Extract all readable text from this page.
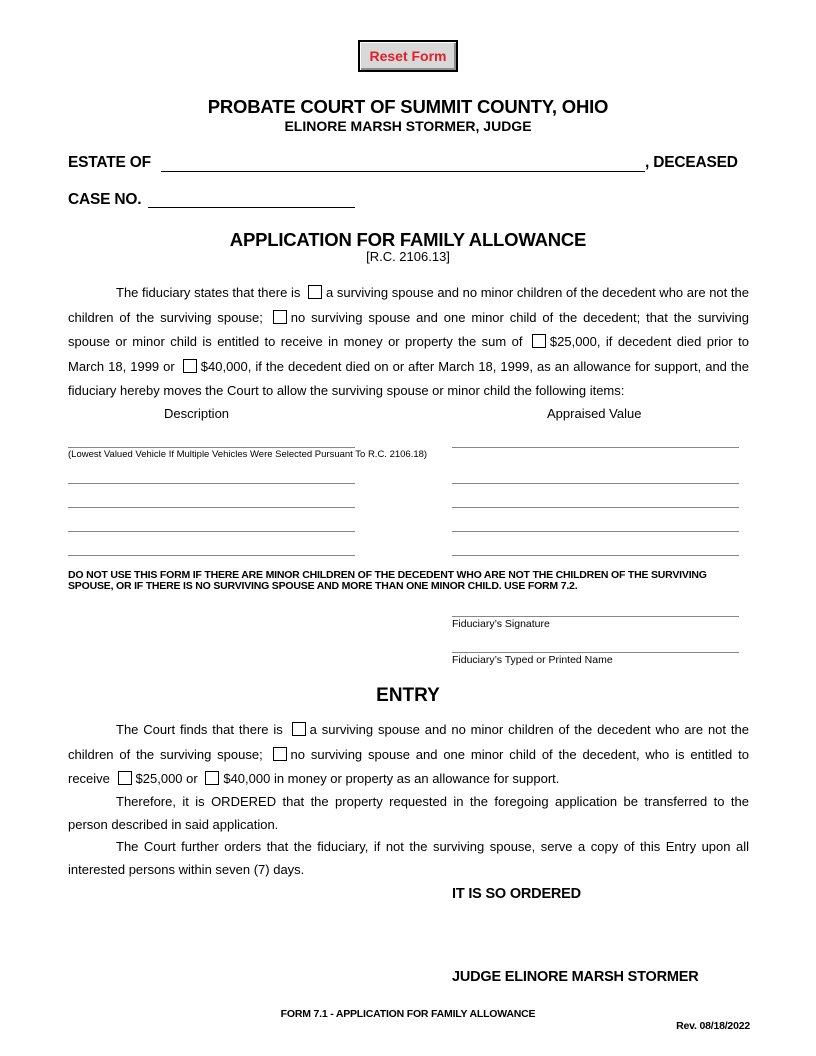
Reset Form
PROBATE COURT OF SUMMIT COUNTY, OHIO
ELINORE MARSH STORMER, JUDGE
ESTATE OF	, DECEASED
CASE NO.
APPLICATION FOR FAMILY ALLOWANCE
[R.C. 2106.13]

The fiduciary states that there is a surviving spouse and no minor children of the decedent who are not the children of the surviving spouse; no surviving spouse and one minor child of the decedent; that the surviving spouse or minor child is entitled to receive in money or property the sum of $25,000, if decedent died prior to March 18, 1999 or $40,000, if the decedent died on or after March 18, 1999, as an allowance for support, and the fiduciary hereby moves the Court to allow the surviving spouse or minor child the following items:

Description	Appraised Value
(Lowest Valued Vehicle If Multiple Vehicles Were Selected Pursuant To R.C. 2106.18)
DO NOT USE THIS FORM IF THERE ARE MINOR CHILDREN OF THE DECEDENT WHO ARE NOT THE CHILDREN OF THE SURVIVING SPOUSE, OR IF THERE IS NO SURVIVING SPOUSE AND MORE THAN ONE MINOR CHILD. USE FORM 7.2.
Fiduciary’s Signature
Fiduciary’s Typed or Printed Name
ENTRY

The Court finds that there is a surviving spouse and no minor children of the decedent who are not the children of the surviving spouse; no surviving spouse and one minor child of the decedent, who is entitled to receive $25,000 or $40,000 in money or property as an allowance for support.

Therefore, it is ORDERED that the property requested in the foregoing application be transferred to the person described in said application.

The Court further orders that the fiduciary, if not the surviving spouse, serve a copy of this Entry upon all interested persons within seven (7) days.

IT IS SO ORDERED
JUDGE ELINORE MARSH STORMER
FORM 7.1 - APPLICATION FOR FAMILY ALLOWANCE
Rev. 08/18/2022
